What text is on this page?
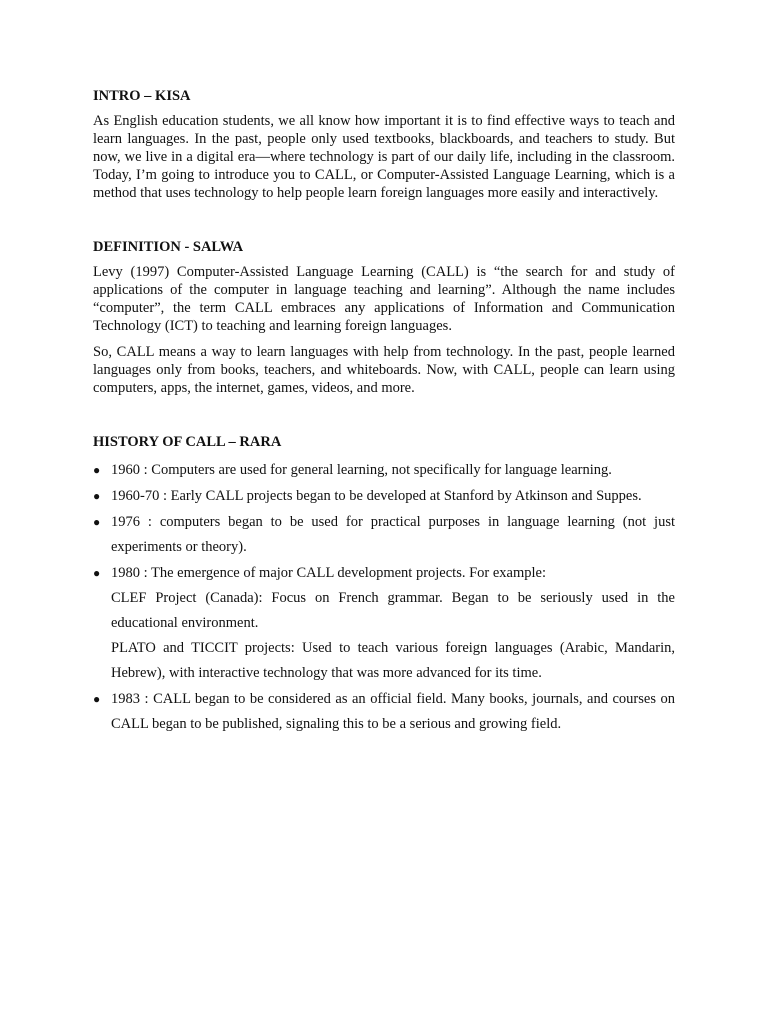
INTRO – KISA

As English education students, we all know how important it is to find effective ways to teach and learn languages. In the past, people only used textbooks, blackboards, and teachers to study. But now, we live in a digital era—where technology is part of our daily life, including in the classroom. Today, I’m going to introduce you to CALL, or Computer-Assisted Language Learning, which is a method that uses technology to help people learn foreign languages more easily and interactively.

DEFINITION - SALWA

Levy (1997) Computer-Assisted Language Learning (CALL) is “the search for and study of applications of the computer in language teaching and learning”. Although the name includes “computer”, the term CALL embraces any applications of Information and Communication Technology (ICT) to teaching and learning foreign languages.

So, CALL means a way to learn languages with help from technology. In the past, people learned languages only from books, teachers, and whiteboards. Now, with CALL, people can learn using computers, apps, the internet, games, videos, and more.

HISTORY OF CALL – RARA
● 1960 : Computers are used for general learning, not specifically for language learning.
● 1960-70 : Early CALL projects began to be developed at Stanford by Atkinson and Suppes.
● 1976 : computers began to be used for practical purposes in language learning (not just experiments or theory).
● 1980 : The emergence of major CALL development projects. For example:
CLEF Project (Canada): Focus on French grammar. Began to be seriously used in the educational environment.
PLATO and TICCIT projects: Used to teach various foreign languages (Arabic, Mandarin, Hebrew), with interactive technology that was more advanced for its time.
● 1983 : CALL began to be considered as an official field. Many books, journals, and courses on CALL began to be published, signaling this to be a serious and growing field.
